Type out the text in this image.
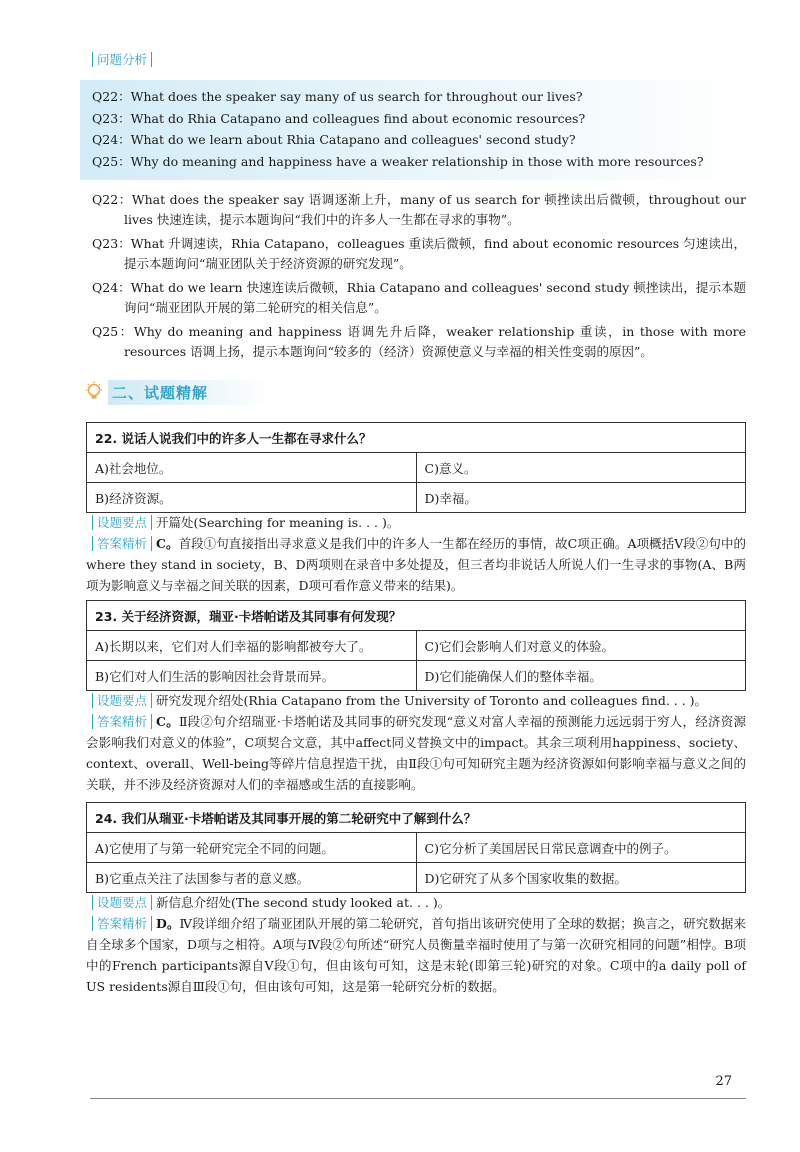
问题分析
Q22：What does the speaker say many of us search for throughout our lives?
Q23：What do Rhia Catapano and colleagues find about economic resources?
Q24：What do we learn about Rhia Catapano and colleagues' second study?
Q25：Why do meaning and happiness have a weaker relationship in those with more resources?
Q22：What does the speaker say 语调逐渐上升，many of us search for 顿挫读出后微顿，throughout our lives 快速连读，提示本题询问“我们中的许多人一生都在寻求的事物”。
Q23：What 升调速读，Rhia Catapano，colleagues 重读后微顿，find about economic resources 匀速读出，提示本题询问“瑞亚团队关于经济资源的研究发现”。
Q24：What do we learn 快速连读后微顿，Rhia Catapano and colleagues' second study 顿挫读出，提示本题询问“瑞亚团队开展的第二轮研究的相关信息”。
Q25：Why do meaning and happiness 语调先升后降，weaker relationship 重读，in those with more resources 语调上扬，提示本题询问“较多的（经济）资源使意义与幸福的相关性变弱的原因”。
二、试题精解
22. 说话人说我们中的许多人一生都在寻求什么？	
A)社会地位。	C)意义。
B)经济资源。	D)幸福。
设题要点 开篇处(Searching for meaning is. . . )。
答案精析 C。首段①句直接指出寻求意义是我们中的许多人一生都在经历的事情，故C项正确。A项概括Ⅴ段②句中的where they stand in society，B、D两项则在录音中多处提及，但三者均非说话人所说人们一生寻求的事物(A、B两项为影响意义与幸福之间关联的因素，D项可看作意义带来的结果)。
23. 关于经济资源，瑞亚·卡塔帕诺及其同事有何发现？	
A)长期以来，它们对人们幸福的影响都被夸大了。	C)它们会影响人们对意义的体验。
B)它们对人们生活的影响因社会背景而异。	D)它们能确保人们的整体幸福。
设题要点 研究发现介绍处(Rhia Catapano from the University of Toronto and colleagues find. . . )。
答案精析 C。Ⅱ段②句介绍瑞亚·卡塔帕诺及其同事的研究发现“意义对富人幸福的预测能力远远弱于穷人，经济资源会影响我们对意义的体验”，C项契合文意，其中affect同义替换文中的impact。其余三项利用happiness、society、context、overall、Well-being等碎片信息捏造干扰，由Ⅱ段①句可知研究主题为经济资源如何影响幸福与意义之间的关联，并不涉及经济资源对人们的幸福感或生活的直接影响。
24. 我们从瑞亚·卡塔帕诺及其同事开展的第二轮研究中了解到什么？	
A)它使用了与第一轮研究完全不同的问题。	C)它分析了美国居民日常民意调查中的例子。
B)它重点关注了法国参与者的意义感。	D)它研究了从多个国家收集的数据。
设题要点 新信息介绍处(The second study looked at. . . )。
答案精析 D。Ⅳ段详细介绍了瑞亚团队开展的第二轮研究，首句指出该研究使用了全球的数据；换言之，研究数据来自全球多个国家，D项与之相符。A项与Ⅳ段②句所述“研究人员衡量幸福时使用了与第一次研究相同的问题”相悖。B项中的French participants源自Ⅴ段①句，但由该句可知，这是末轮(即第三轮)研究的对象。C项中的a daily poll of US residents源自Ⅲ段①句，但由该句可知，这是第一轮研究分析的数据。
27
